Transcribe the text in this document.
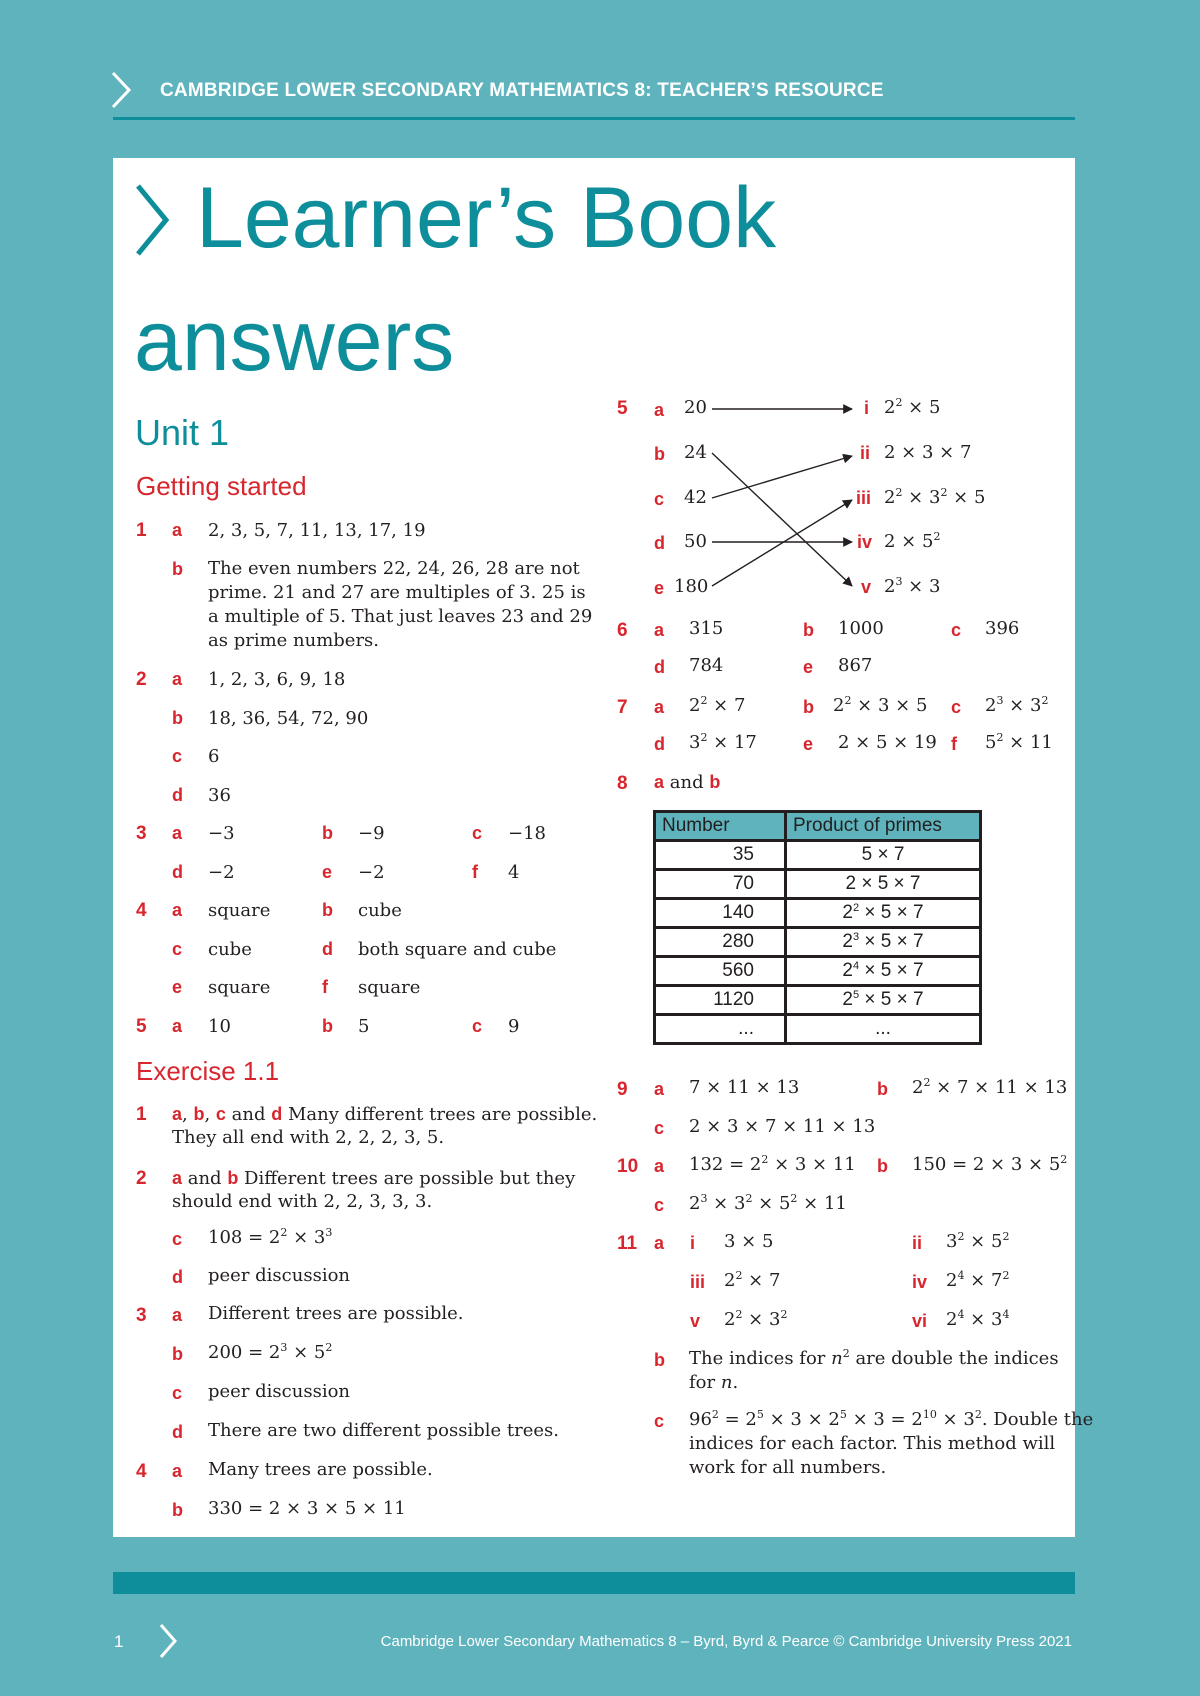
CAMBRIDGE LOWER SECONDARY MATHEMATICS 8: TEACHER’S RESOURCE
Learner’s Book
answers
Unit 1
Getting started
1 a 2, 3, 5, 7, 11, 13, 17, 19
b The even numbers 22, 24, 26, 28 are not
prime. 21 and 27 are multiples of 3. 25 is
a multiple of 5. That just leaves 23 and 29
as prime numbers.
2 a 1, 2, 3, 6, 9, 18
b 18, 36, 54, 72, 90
c 6
d 36
3 a −3	b −9	c −18
d −2	e −2	f 4
4 a square	b cube
c cube	d both square and cube
e square	f square
5 a 10	b 5	c 9
Exercise 1.1
1 a, b, c and d Many different trees are possible.
They all end with 2, 2, 2, 3, 5.
2 a and b Different trees are possible but they
should end with 2, 2, 3, 3, 3.
c $108 = 2^2 \times 3^3$
d peer discussion
3 a Different trees are possible.
b $200 = 2^3 \times 5^2$
c peer discussion
d There are two different possible trees.
4 a Many trees are possible.
b 330 = 2 × 3 × 5 × 11
5 a 20
b 24
c 42
d 50
e 180
i $2^2 \times 5$
ii 2 × 3 × 7
iii $2^2 \times 3^2 \times 5$
iv $2 \times 5^2$
v $2^3 \times 3$
6 a 315	b 1000	c 396
d 784	e 867
7 a $2^2 \times 7$	b $2^2 \times 3 \times 5$ c $2^3 \times 3^2$
d $3^2 \times 17$	e 2 × 5 × 19 f $5^2 \times 11$
8 a and b
Number	Product of primes
35	5 × 7
70	2 × 5 × 7
140	$2^2 \times 5 \times 7$
280	$2^3 \times 5 \times 7$
560	$2^4 \times 5 \times 7$
1120	$2^5 \times 5 \times 7$
...	...
9 a 7 × 11 × 13	b $2^2 \times 7 \times 11 \times 13$
c 2 × 3 × 7 × 11 × 13
10 a $132 = 2^2 \times 3 \times 11$ b $150 = 2 \times 3 \times 5^2$
c $2^3 \times 3^2 \times 5^2 \times 11$
11 a i 3 × 5	ii $3^2 \times 5^2$
iii $2^2 \times 7$	iv $2^4 \times 7^2$
v $2^2 \times 3^2$	vi $2^4 \times 3^4$
b The indices for $n^2$ are double the indices
for n.
c $96^2 = 2^5 \times 3 \times 2^5 \times 3 = 2^{10} \times 3^2$. Double the
indices for each factor. This method will
work for all numbers.
1	Cambridge Lower Secondary Mathematics 8 – Byrd, Byrd & Pearce © Cambridge University Press 2021
